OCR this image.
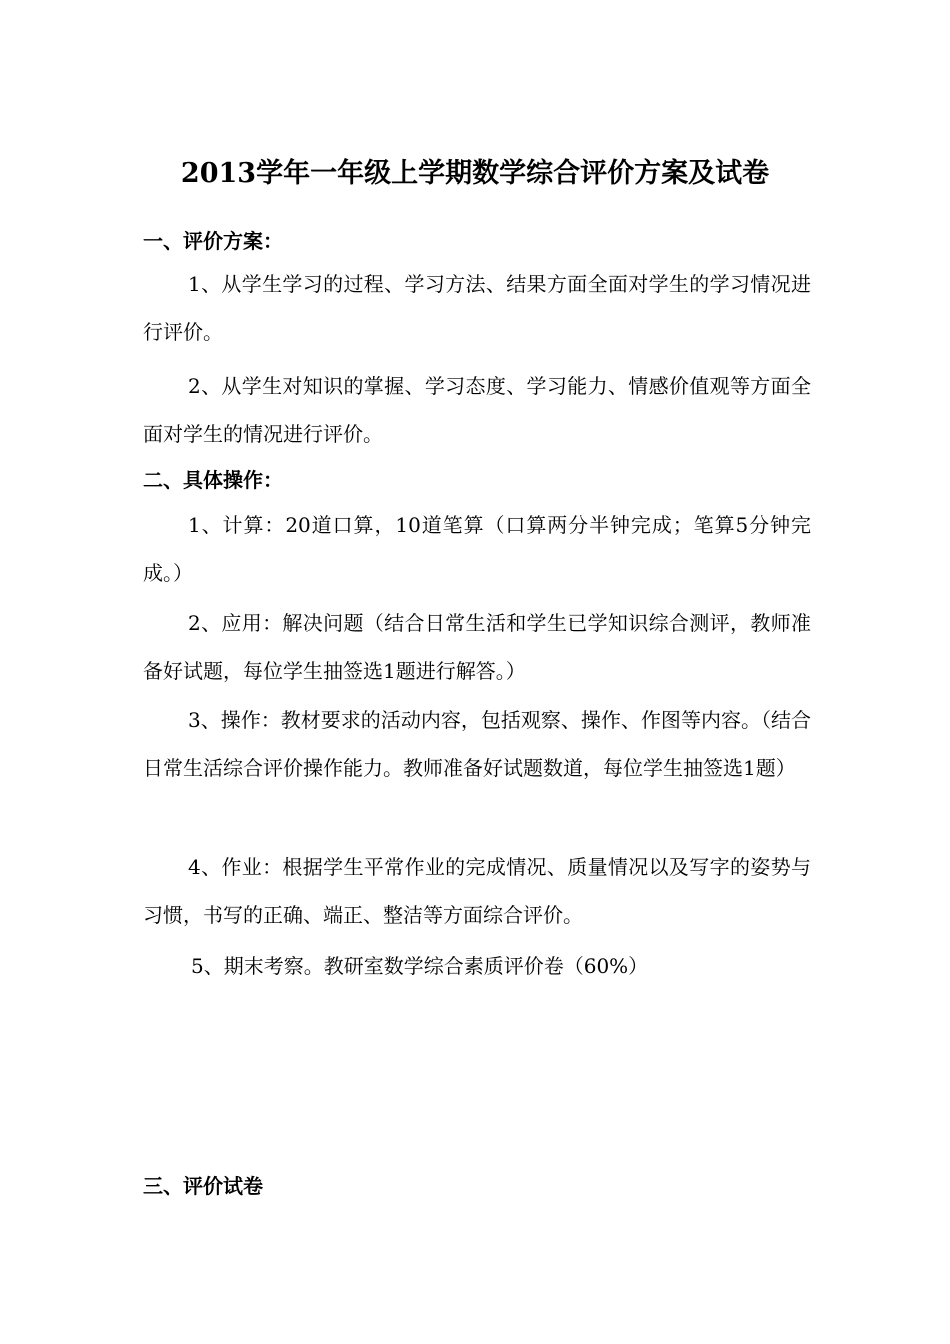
2013学年一年级上学期数学综合评价方案及试卷
一、评价方案：

1、从学生学习的过程、学习方法、结果方面全面对学生的学习情况进行评价。

2、从学生对知识的掌握、学习态度、学习能力、情感价值观等方面全面对学生的情况进行评价。

二、具体操作：

1、计算：20道口算，10道笔算（口算两分半钟完成；笔算5分钟完成。）

2、应用：解决问题（结合日常生活和学生已学知识综合测评，教师准备好试题，每位学生抽签选1题进行解答。）

3、操作：教材要求的活动内容，包括观察、操作、作图等内容。（结合日常生活综合评价操作能力。教师准备好试题数道，每位学生抽签选1题）

4、作业：根据学生平常作业的完成情况、质量情况以及写字的姿势与习惯，书写的正确、端正、整洁等方面综合评价。

5、期末考察。教研室数学综合素质评价卷（60%）

三、评价试卷
